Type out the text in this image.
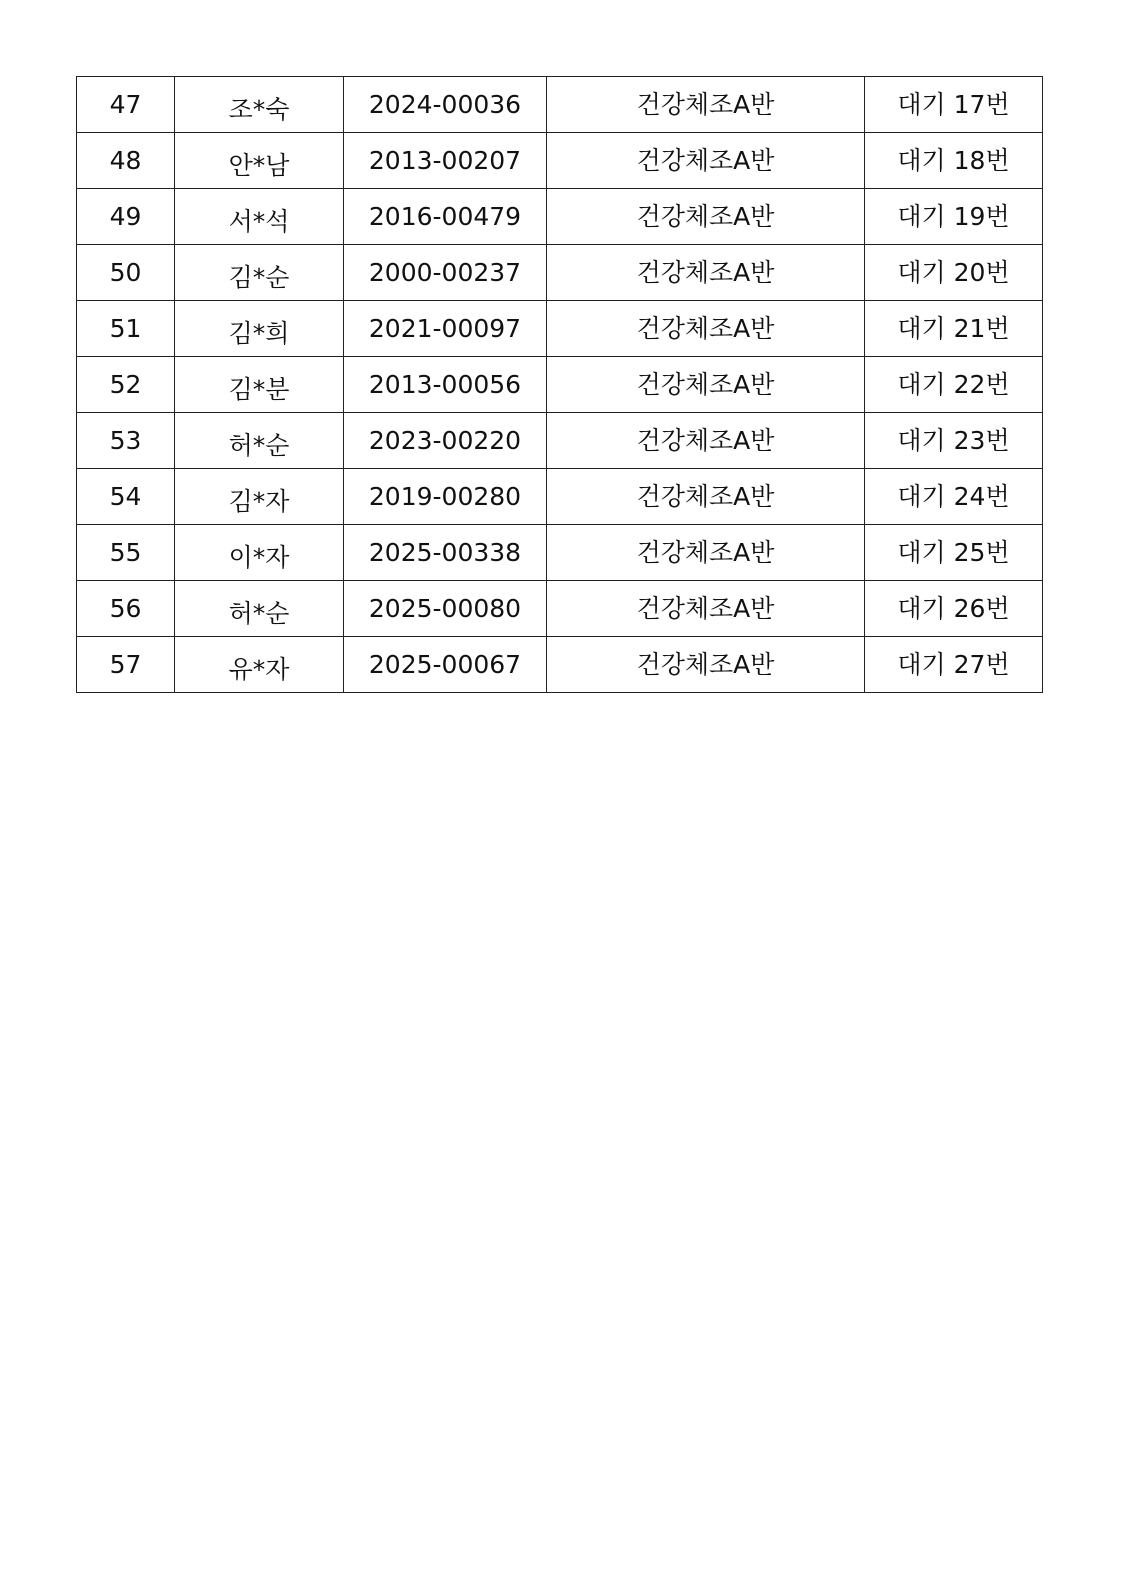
47	조*숙	2024-00036	건강체조A반	대기 17번
48	안*남	2013-00207	건강체조A반	대기 18번
49	서*석	2016-00479	건강체조A반	대기 19번
50	김*순	2000-00237	건강체조A반	대기 20번
51	김*희	2021-00097	건강체조A반	대기 21번
52	김*분	2013-00056	건강체조A반	대기 22번
53	허*순	2023-00220	건강체조A반	대기 23번
54	김*자	2019-00280	건강체조A반	대기 24번
55	이*자	2025-00338	건강체조A반	대기 25번
56	허*순	2025-00080	건강체조A반	대기 26번
57	유*자	2025-00067	건강체조A반	대기 27번
